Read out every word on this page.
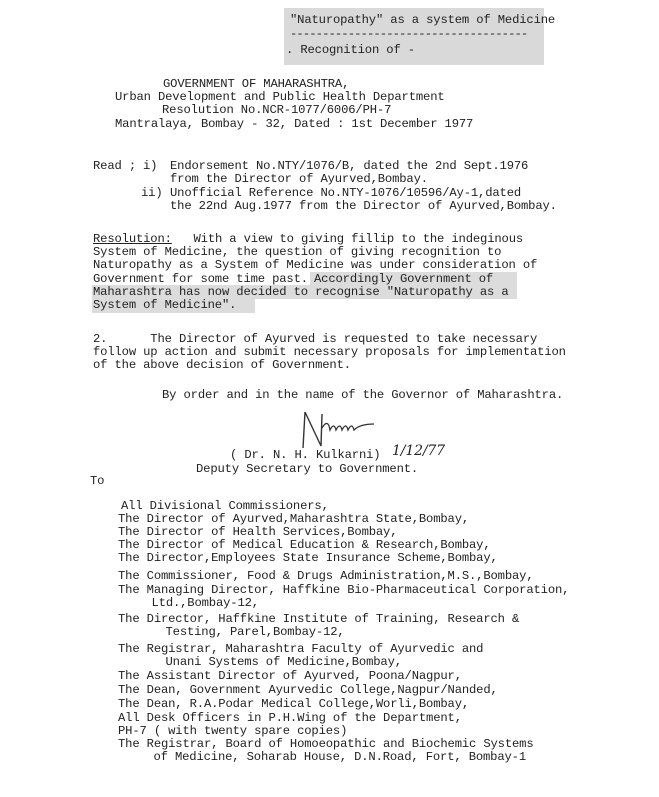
"Naturopathy" as a system of Medicine
-------------------------------------
. Recognition of -
GOVERNMENT OF MAHARASHTRA,
Urban Development and Public Health Department
Resolution No.NCR-1077/6006/PH-7
Mantralaya, Bombay - 32, Dated : 1st December 1977
Read ; i) Endorsement No.NTY/1076/B, dated the 2nd Sept.1976
from the Director of Ayurved,Bombay.
ii) Unofficial Reference No.NTY-1076/10596/Ay-1,dated
the 22nd Aug.1977 from the Director of Ayurved,Bombay.
Resolution: With a view to giving fillip to the indeginous
System of Medicine, the question of giving recognition to
Naturopathy as a System of Medicine was under consideration of
Government for some time past.
Accordingly Government of
Maharashtra has now decided to recognise "Naturopathy as a
System of Medicine".
2.      The Director of Ayurved is requested to take necessary
follow up action and submit necessary proposals for implementation
of the above decision of Government.
By order and in the name of the Governor of Maharashtra.
( Dr. N. H. Kulkarni) 1/12/77
Deputy Secretary to Government.
To
All Divisional Commissioners,
The Director of Ayurved,Maharashtra State,Bombay,
The Director of Health Services,Bombay,
The Director of Medical Education & Research,Bombay,
The Director,Employees State Insurance Scheme,Bombay,
The Commissioner, Food & Drugs Administration,M.S.,Bombay,
The Managing Director, Haffkine Bio-Pharmaceutical Corporation,
Ltd.,Bombay-12,
The Director, Haffkine Institute of Training, Research &
Testing, Parel,Bombay-12,
The Registrar, Maharashtra Faculty of Ayurvedic and
Unani Systems of Medicine,Bombay,
The Assistant Director of Ayurved, Poona/Nagpur,
The Dean, Government Ayurvedic College,Nagpur/Nanded,
The Dean, R.A.Podar Medical College,Worli,Bombay,
All Desk Officers in P.H.Wing of the Department,
PH-7 ( with twenty spare copies)
The Registrar, Board of Homoeopathic and Biochemic Systems
of Medicine, Soharab House, D.N.Road, Fort, Bombay-1
